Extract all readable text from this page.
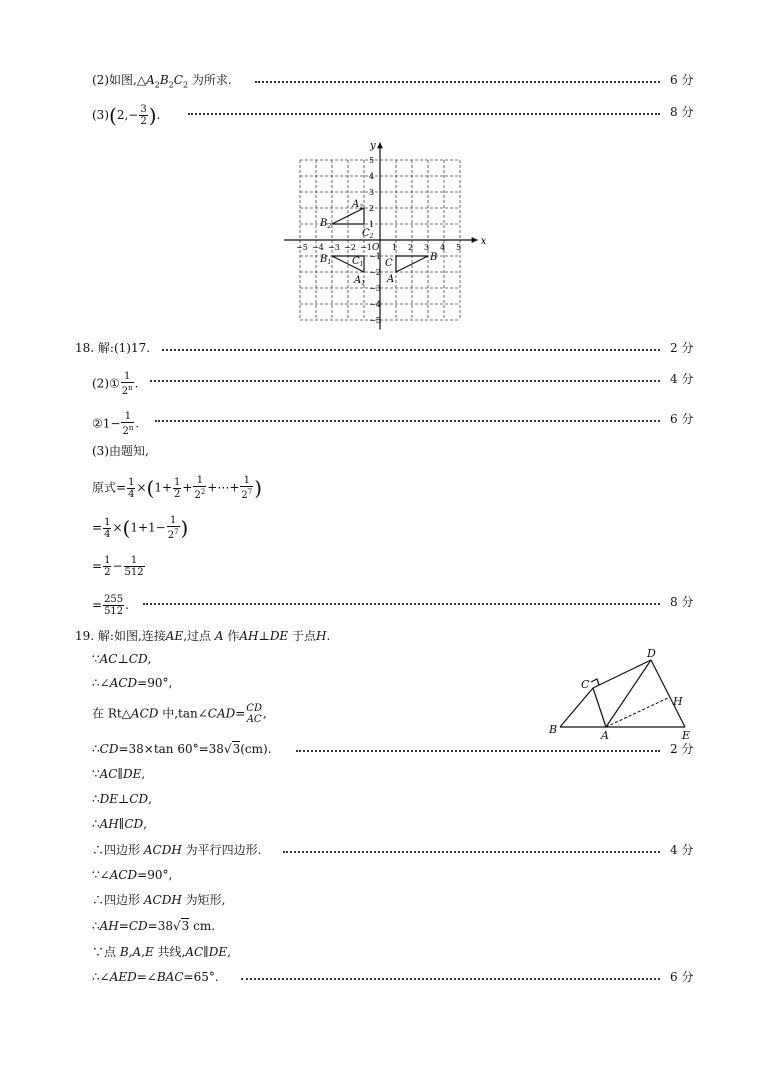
(2)如图$,\triangle A_2B_2C_2$ 为所求.	6 分
$(3)(2,- \frac{3}{2}$ ).	8 分
x
y
O
−5 −4 −3 −2 −1	1 2 3 4 5
5
4
3
2
1
−1
−2
−3
−4
−5
A
B
C
$A_1$
$B_1$ $C_1$
$A_2$
$B_2$
$C_2$
18. 解:(1)17.	2 分
(2)① $\frac{1}{2^n}$ .	4 分
②1− $\frac{1}{2^n}$ .	6 分
(3)由题知,
原式= $\frac{1}{4} \times(1+ \frac{1}{2} + \frac{1}{2^2}$ +⋯+ $\frac{1}{2^7}$ )
= $\frac{1}{4} \times(1+1- \frac{1}{2^7}$ )
= $\frac{1}{2} - \frac{1}{512}$
= $\frac{255}{512}$ .	8 分
19. 解:如图,连接AE,过点 A 作AH⊥DE 于点H.
∵AC⊥CD,
∴∠ACD=90°,
在 Rt△ACD 中,tan∠CAD= CD
AC ,
∴CD=38×tan 60°=38√3(cm).	2 分
∵AC∥DE,
∴DE⊥CD,
∴AH∥CD,
∴四边形 ACDH 为平行四边形.	4 分
∵∠ACD=90°,
∴四边形 ACDH 为矩形,
∴AH=CD=38√3 cm.
∵点 B,A,E 共线,AC∥DE,
∴∠AED=∠BAC=65°.	6 分
B	A
C
D
E
H
